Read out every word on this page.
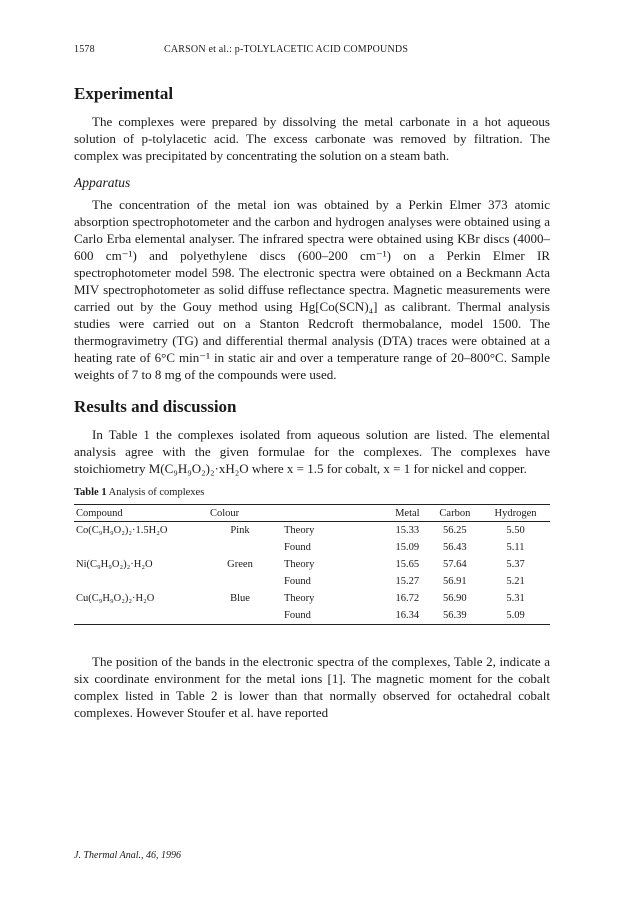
1578	CARSON et al.: p-TOLYLACETIC ACID COMPOUNDS
Experimental

The complexes were prepared by dissolving the metal carbonate in a hot aqueous solution of p-tolylacetic acid. The excess carbonate was removed by filtration. The complex was precipitated by concentrating the solution on a steam bath.

Apparatus

The concentration of the metal ion was obtained by a Perkin Elmer 373 atomic absorption spectrophotometer and the carbon and hydrogen analyses were obtained using a Carlo Erba elemental analyser. The infrared spectra were obtained using KBr discs (4000–600 cm⁻¹) and polyethylene discs (600–200 cm⁻¹) on a Perkin Elmer IR spectrophotometer model 598. The electronic spectra were obtained on a Beckmann Acta MIV spectrophotometer as solid diffuse reflectance spectra. Magnetic measurements were carried out by the Gouy method using Hg[Co(SCN)₄] as calibrant. Thermal analysis studies were carried out on a Stanton Redcroft thermobalance, model 1500. The thermogravimetry (TG) and differential thermal analysis (DTA) traces were obtained at a heating rate of 6°C min⁻¹ in static air and over a temperature range of 20–800°C. Sample weights of 7 to 8 mg of the compounds were used.

Results and discussion

In Table 1 the complexes isolated from aqueous solution are listed. The elemental analysis agree with the given formulae for the complexes. The complexes have stoichiometry M(C₉H₉O₂)₂·xH₂O where x = 1.5 for cobalt, x = 1 for nickel and copper.

Table 1 Analysis of complexes
Compound	Colour		Metal	Carbon	Hydrogen
Co(C₉H₉O₂)₂·1.5H₂O	Pink	Theory	15.33	56.25	5.50
		Found	15.09	56.43	5.11
Ni(C₉H₉O₂)₂·H₂O	Green	Theory	15.65	57.64	5.37
		Found	15.27	56.91	5.21
Cu(C₉H₉O₂)₂·H₂O	Blue	Theory	16.72	56.90	5.31
		Found	16.34	56.39	5.09

The position of the bands in the electronic spectra of the complexes, Table 2, indicate a six coordinate environment for the metal ions [1]. The magnetic moment for the cobalt complex listed in Table 2 is lower than that normally observed for octahedral cobalt complexes. However Stoufer et al. have reported

J. Thermal Anal., 46, 1996
